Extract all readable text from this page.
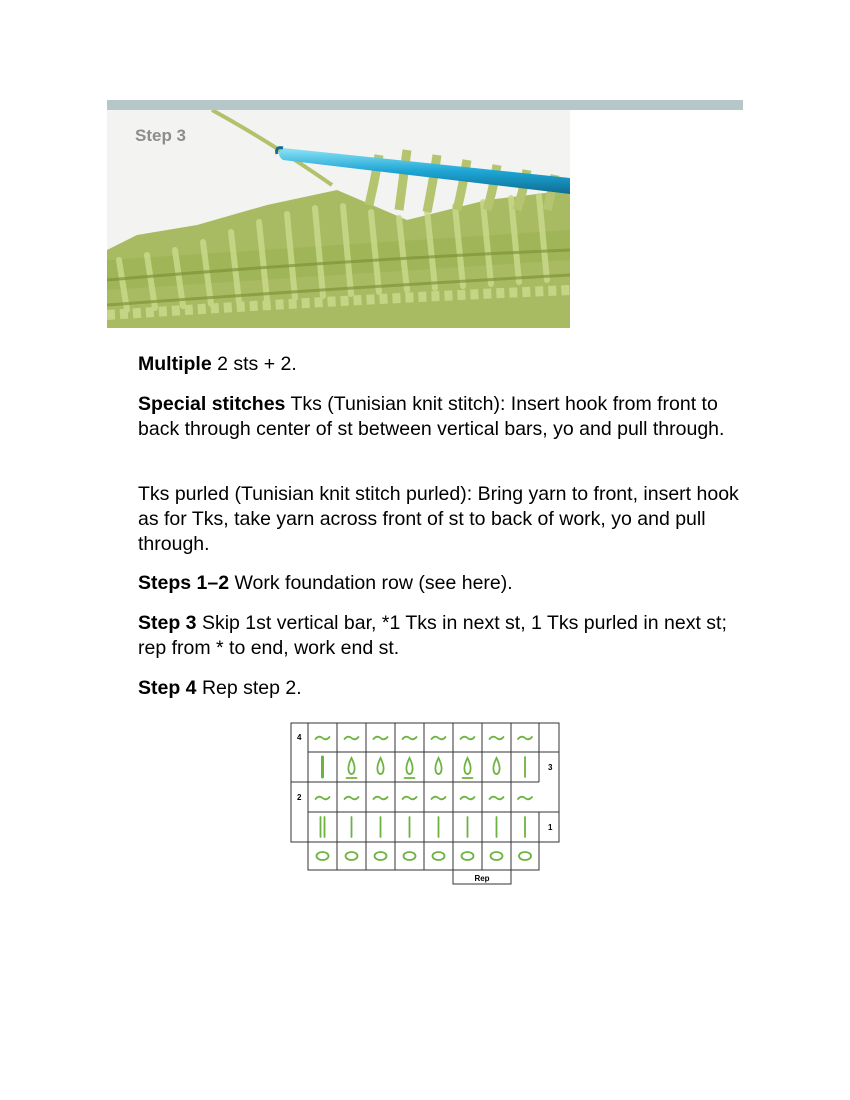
Step 3

Multiple 2 sts + 2.

Special stitches Tks (Tunisian knit stitch): Insert hook from front to back through center of st between vertical bars, yo and pull through.

Tks purled (Tunisian knit stitch purled): Bring yarn to front, insert hook as for Tks, take yarn across front of st to back of work, yo and pull through.

Steps 1–2 Work foundation row (see here).

Step 3 Skip 1st vertical bar, *1 Tks in next st, 1 Tks purled in next st; rep from * to end, work end st.

Step 4 Rep step 2.

4
3
2
1
Rep
